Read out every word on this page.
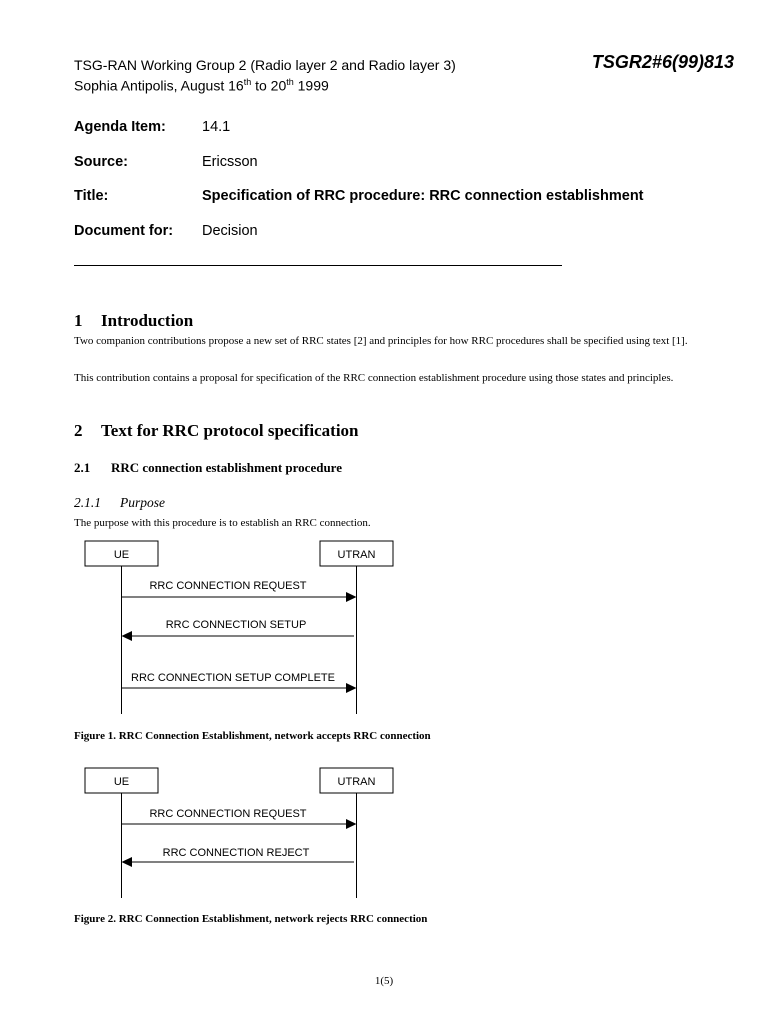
TSG-RAN Working Group 2 (Radio layer 2 and Radio layer 3)
Sophia Antipolis, August 16th to 20th 1999
TSGR2#6(99)813
Agenda Item: 14.1
Source:	Ericsson
Title:	Specification of RRC procedure: RRC connection establishment
Document for: Decision
1 Introduction
Two companion contributions propose a new set of RRC states [2] and principles for how RRC procedures shall be specified using text [1].
This contribution contains a proposal for specification of the RRC connection establishment procedure using those states and principles.
2 Text for RRC protocol specification
2.1 RRC connection establishment procedure
2.1.1 Purpose
The purpose with this procedure is to establish an RRC connection.
UE	UTRAN
RRC CONNECTION REQUEST
RRC CONNECTION SETUP
RRC CONNECTION SETUP COMPLETE
UE	UTRAN
RRC CONNECTION REQUEST
RRC CONNECTION REJECT
Figure 1. RRC Connection Establishment, network accepts RRC connection
Figure 2. RRC Connection Establishment, network rejects RRC connection
1(5)
